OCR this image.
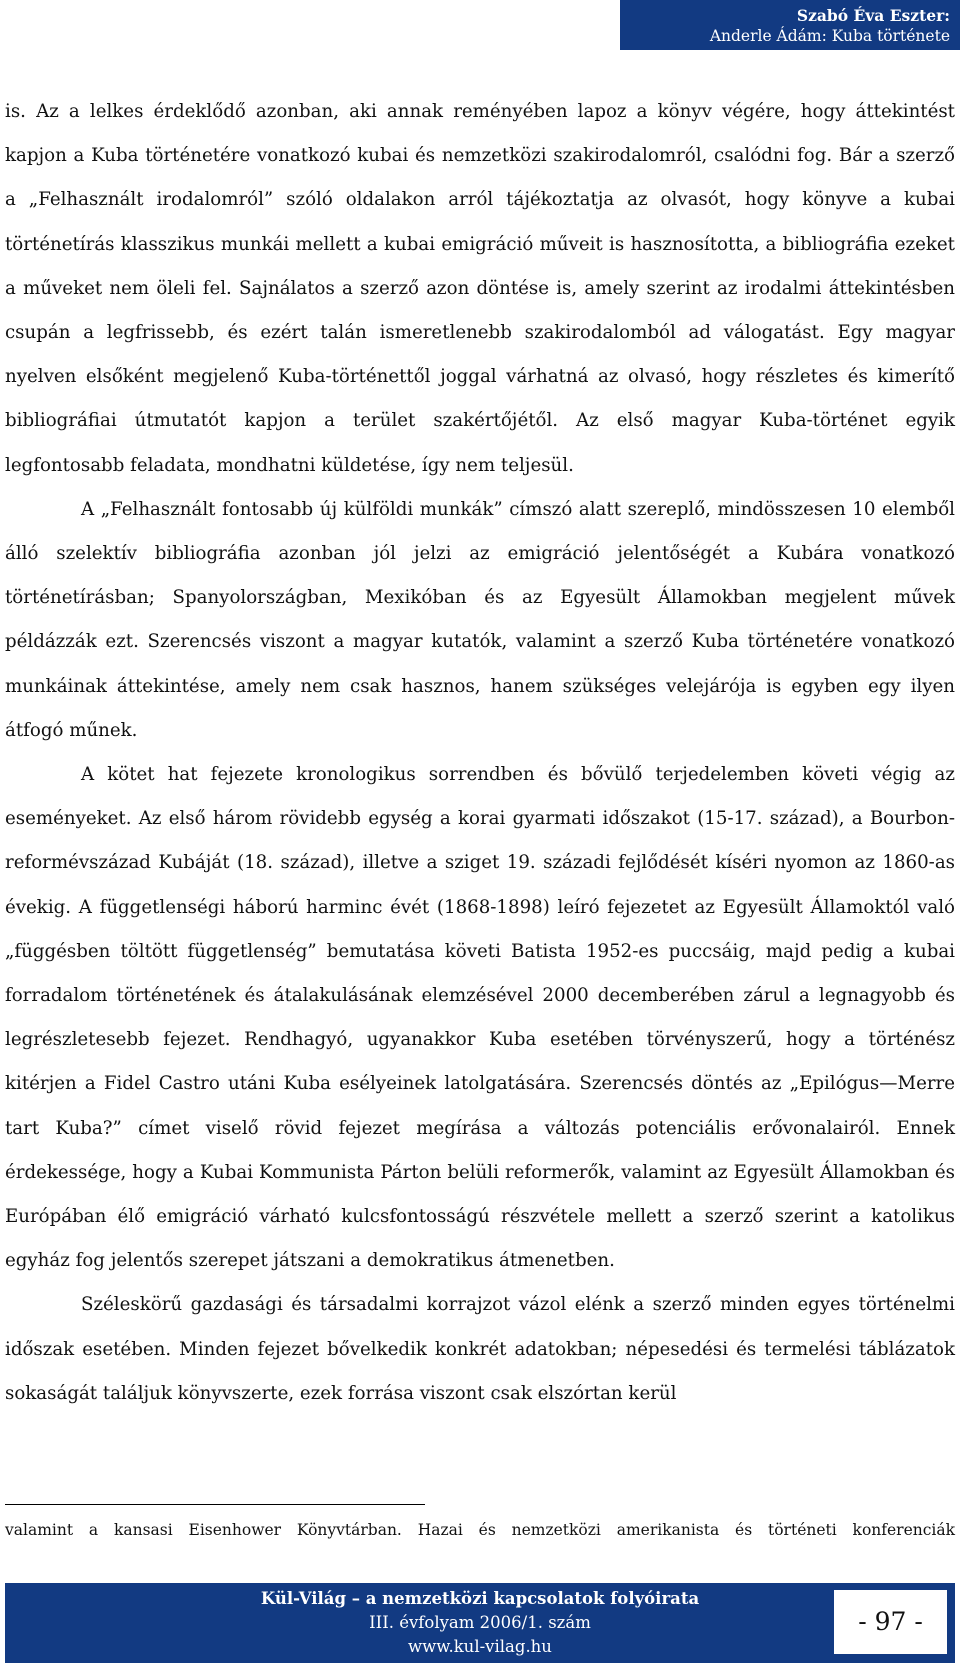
Szabó Éva Eszter:
Anderle Ádám: Kuba története

is. Az a lelkes érdeklődő azonban, aki annak reményében lapoz a könyv végére, hogy áttekintést kapjon a Kuba történetére vonatkozó kubai és nemzetközi szakirodalomról, csalódni fog. Bár a szerző a „Felhasznált irodalomról” szóló oldalakon arról tájékoztatja az olvasót, hogy könyve a kubai történetírás klasszikus munkái mellett a kubai emigráció műveit is hasznosította, a bibliográfia ezeket a műveket nem öleli fel. Sajnálatos a szerző azon döntése is, amely szerint az irodalmi áttekintésben csupán a legfrissebb, és ezért talán ismeretlenebb szakirodalomból ad válogatást. Egy magyar nyelven elsőként megjelenő Kuba-történettől joggal várhatná az olvasó, hogy részletes és kimerítő bibliográfiai útmutatót kapjon a terület szakértőjétől. Az első magyar Kuba-történet egyik legfontosabb feladata, mondhatni küldetése, így nem teljesül.

A „Felhasznált fontosabb új külföldi munkák” címszó alatt szereplő, mindösszesen 10 elemből álló szelektív bibliográfia azonban jól jelzi az emigráció jelentőségét a Kubára vonatkozó történetírásban; Spanyolországban, Mexikóban és az Egyesült Államokban megjelent művek példázzák ezt. Szerencsés viszont a magyar kutatók, valamint a szerző Kuba történetére vonatkozó munkáinak áttekintése, amely nem csak hasznos, hanem szükséges velejárója is egyben egy ilyen átfogó műnek.

A kötet hat fejezete kronologikus sorrendben és bővülő terjedelemben követi végig az eseményeket. Az első három rövidebb egység a korai gyarmati időszakot (15-17. század), a Bourbon-reformévszázad Kubáját (18. század), illetve a sziget 19. századi fejlődését kíséri nyomon az 1860-as évekig. A függetlenségi háború harminc évét (1868-1898) leíró fejezetet az Egyesült Államoktól való „függésben töltött függetlenség” bemutatása követi Batista 1952-es puccsáig, majd pedig a kubai forradalom történetének és átalakulásának elemzésével 2000 decemberében zárul a legnagyobb és legrészletesebb fejezet. Rendhagyó, ugyanakkor Kuba esetében törvényszerű, hogy a történész kitérjen a Fidel Castro utáni Kuba esélyeinek latolgatására. Szerencsés döntés az „Epilógus—Merre tart Kuba?” címet viselő rövid fejezet megírása a változás potenciális erővonalairól. Ennek érdekessége, hogy a Kubai Kommunista Párton belüli reformerők, valamint az Egyesült Államokban és Európában élő emigráció várható kulcsfontosságú részvétele mellett a szerző szerint a katolikus egyház fog jelentős szerepet játszani a demokratikus átmenetben.

Széleskörű gazdasági és társadalmi korrajzot vázol elénk a szerző minden egyes történelmi időszak esetében. Minden fejezet bővelkedik konkrét adatokban; népesedési és termelési táblázatok sokaságát találjuk könyvszerte, ezek forrása viszont csak elszórtan kerül

valamint a kansasi Eisenhower Könyvtárban. Hazai és nemzetközi amerikanista és történeti konferenciák
Kül-Világ – a nemzetközi kapcsolatok folyóirata
III. évfolyam 2006/1. szám
www.kul-vilag.hu
- 97 -
